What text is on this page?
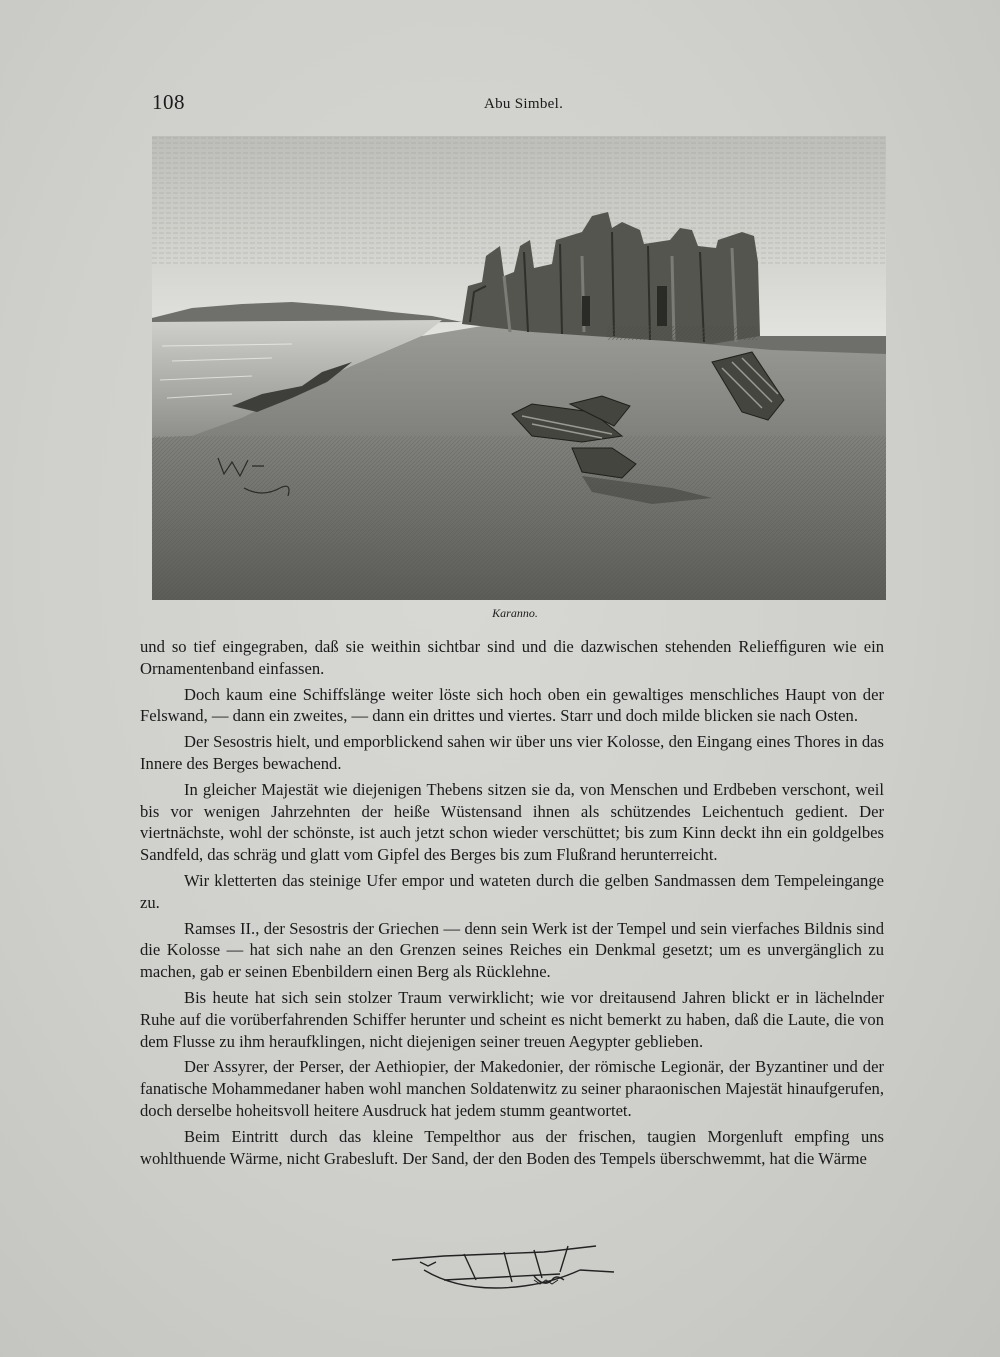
108	Abu Simbel.
Karanno.

und so tief eingegraben, daß sie weithin sichtbar sind und die dazwischen stehenden Reliefﬁguren wie ein Ornamentenband einfassen.

Doch kaum eine Schiffslänge weiter löste sich hoch oben ein gewaltiges menschliches Haupt von der Felswand, — dann ein zweites, — dann ein drittes und viertes. Starr und doch milde blicken sie nach Osten.

Der Sesostris hielt, und emporblickend sahen wir über uns vier Kolosse, den Eingang eines Thores in das Innere des Berges bewachend.

In gleicher Majestät wie diejenigen Thebens sitzen sie da, von Menschen und Erdbeben verschont, weil bis vor wenigen Jahrzehnten der heiße Wüstensand ihnen als schützendes Leichentuch gedient. Der viertnächste, wohl der schönste, ist auch jetzt schon wieder verschüttet; bis zum Kinn deckt ihn ein goldgelbes Sandfeld, das schräg und glatt vom Gipfel des Berges bis zum Flußrand herunterreicht.

Wir kletterten das steinige Ufer empor und wateten durch die gelben Sandmassen dem Tempeleingange zu.

Ramses II., der Sesostris der Griechen — denn sein Werk ist der Tempel und sein vierfaches Bildnis sind die Kolosse — hat sich nahe an den Grenzen seines Reiches ein Denkmal gesetzt; um es unvergänglich zu machen, gab er seinen Ebenbildern einen Berg als Rücklehne.

Bis heute hat sich sein stolzer Traum verwirklicht; wie vor dreitausend Jahren blickt er in lächelnder Ruhe auf die vorüberfahrenden Schiffer herunter und scheint es nicht bemerkt zu haben, daß die Laute, die von dem Flusse zu ihm heraufklingen, nicht diejenigen seiner treuen Aegypter geblieben.

Der Assyrer, der Perser, der Aethiopier, der Makedonier, der römische Legionär, der Byzantiner und der fanatische Mohammedaner haben wohl manchen Soldatenwitz zu seiner pharaonischen Majestät hinaufgerufen, doch derselbe hoheitsvoll heitere Ausdruck hat jedem stumm geantwortet.

Beim Eintritt durch das kleine Tempelthor aus der frischen, taugien Morgenluft empfing uns wohlthuende Wärme, nicht Grabesluft. Der Sand, der den Boden des Tempels überschwemmt, hat die Wärme
